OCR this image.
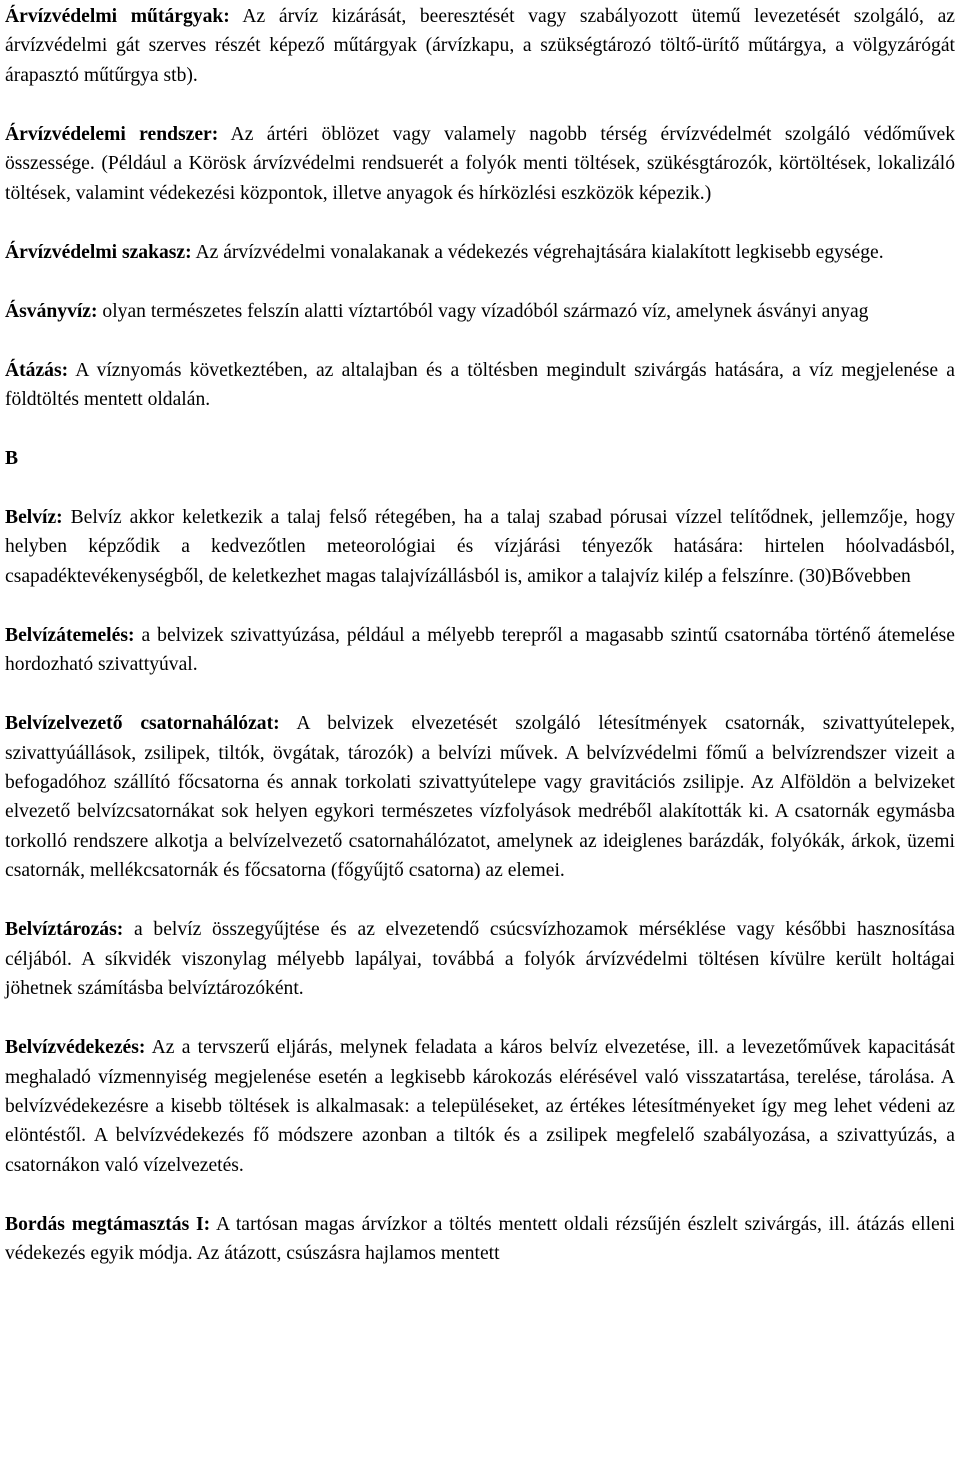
Árvízvédelmi műtárgyak: Az árvíz kizárását, beeresztését vagy szabályozott ütemű levezetését szolgáló, az árvízvédelmi gát szerves részét képező műtárgyak (árvízkapu, a szükségtározó töltő-ürítő műtárgya, a völgyzárógát árapasztó műtűrgya stb).

Árvízvédelemi rendszer: Az ártéri öblözet vagy valamely nagobb térség érvízvédelmét szolgáló védőművek összessége. (Például a Körösk árvízvédelmi rendsuerét a folyók menti töltések, szükésgtározók, körtöltések, lokalizáló töltések, valamint védekezési központok, illetve anyagok és hírközlési eszközök képezik.)

Árvízvédelmi szakasz: Az árvízvédelmi vonalakanak a védekezés végrehajtására kialakított legkisebb egysége.

Ásványvíz: olyan természetes felszín alatti víztartóból vagy vízadóból származó víz, amelynek ásványi anyag

Átázás: A víznyomás következtében, az altalajban és a töltésben megindult szivárgás hatására, a víz megjelenése a földtöltés mentett oldalán.

B

Belvíz: Belvíz akkor keletkezik a talaj felső rétegében, ha a talaj szabad pórusai vízzel telítődnek, jellemzője, hogy helyben képződik a kedvezőtlen meteorológiai és vízjárási tényezők hatására: hirtelen hóolvadásból, csapadéktevékenységből, de keletkezhet magas talajvízállásból is, amikor a talajvíz kilép a felszínre. (30)Bővebben

Belvízátemelés: a belvizek szivattyúzása, például a mélyebb terepről a magasabb szintű csatornába történő átemelése hordozható szivattyúval.

Belvízelvezető csatornahálózat: A belvizek elvezetését szolgáló létesítmények csatornák, szivattyútelepek, szivattyúállások, zsilipek, tiltók, övgátak, tározók) a belvízi művek. A belvízvédelmi főmű a belvízrendszer vizeit a befogadóhoz szállító főcsatorna és annak torkolati szivattyútelepe vagy gravitációs zsilipje. Az Alföldön a belvizeket elvezető belvízcsatornákat sok helyen egykori természetes vízfolyások medréből alakították ki. A csatornák egymásba torkolló rendszere alkotja a belvízelvezető csatornahálózatot, amelynek az ideiglenes barázdák, folyókák, árkok, üzemi csatornák, mellékcsatornák és főcsatorna (főgyűjtő csatorna) az elemei.

Belvíztározás: a belvíz összegyűjtése és az elvezetendő csúcsvízhozamok mérséklése vagy későbbi hasznosítása céljából. A síkvidék viszonylag mélyebb lapályai, továbbá a folyók árvízvédelmi töltésen kívülre került holtágai jöhetnek számításba belvíztározóként.

Belvízvédekezés: Az a tervszerű eljárás, melynek feladata a káros belvíz elvezetése, ill. a levezetőművek kapacitását meghaladó vízmennyiség megjelenése esetén a legkisebb károkozás elérésével való visszatartása, terelése, tárolása. A belvízvédekezésre a kisebb töltések is alkalmasak: a településeket, az értékes létesítményeket így meg lehet védeni az elöntéstől. A belvízvédekezés fő módszere azonban a tiltók és a zsilipek megfelelő szabályozása, a szivattyúzás, a csatornákon való vízelvezetés.

Bordás megtámasztás I: A tartósan magas árvízkor a töltés mentett oldali rézsűjén észlelt szivárgás, ill. átázás elleni védekezés egyik módja. Az átázott, csúszásra hajlamos mentett
